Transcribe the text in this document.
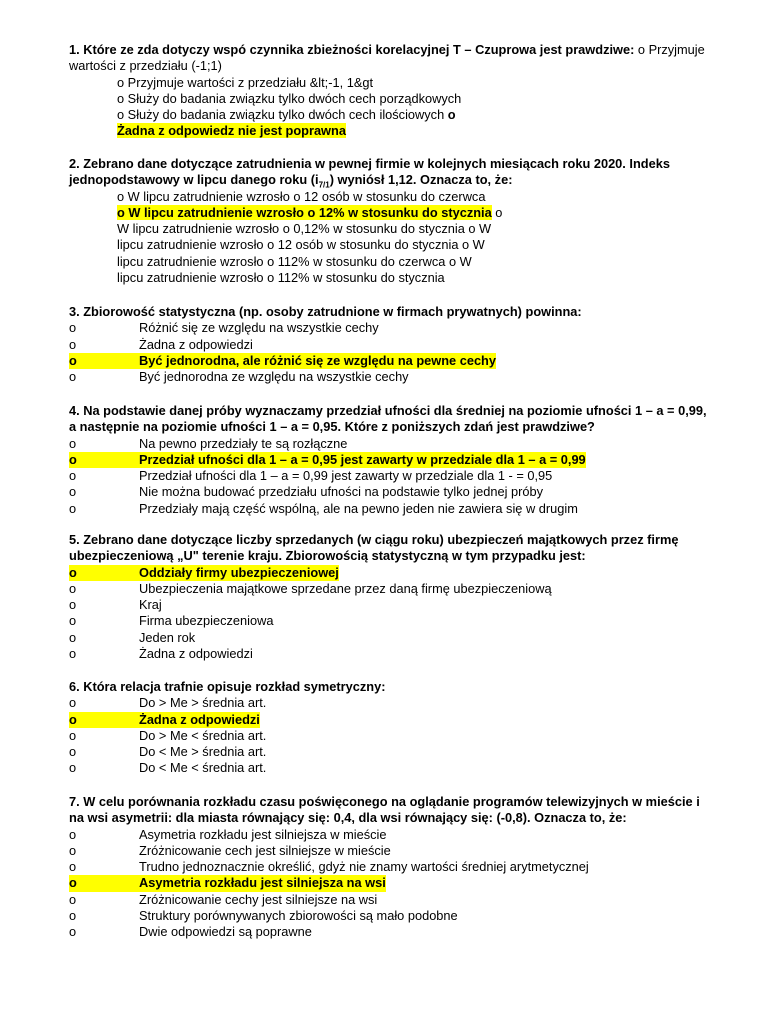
1. Które ze zda dotyczy wspó czynnika zbieżności korelacyjnej T – Czuprowa jest prawdziwe: o Przyjmuje
wartości z przedziału (-1;1)
o Przyjmuje wartości z przedziału &lt;-1, 1&gt
o Służy do badania związku tylko dwóch cech porządkowych
o Służy do badania związku tylko dwóch cech ilościowych o
Żadna z odpowiedz nie jest poprawna
2. Zebrano dane dotyczące zatrudnienia w pewnej firmie w kolejnych miesiącach roku 2020. Indeks
jednopodstawowy w lipcu danego roku $(i_{7/1})$ wyniósł 1,12. Oznacza to, że:
o W lipcu zatrudnienie wzrosło o 12 osób w stosunku do czerwca
o W lipcu zatrudnienie wzrosło o 12% w stosunku do stycznia o
W lipcu zatrudnienie wzrosło o 0,12% w stosunku do stycznia o W
lipcu zatrudnienie wzrosło o 12 osób w stosunku do stycznia o W
lipcu zatrudnienie wzrosło o 112% w stosunku do czerwca o W
lipcu zatrudnienie wzrosło o 112% w stosunku do stycznia
3. Zbiorowość statystyczna (np. osoby zatrudnione w firmach prywatnych) powinna:
o	Różnić się ze względu na wszystkie cechy
o	Żadna z odpowiedzi
o	Być jednorodna, ale różnić się ze względu na pewne cechy
o	Być jednorodna ze względu na wszystkie cechy
4. Na podstawie danej próby wyznaczamy przedział ufności dla średniej na poziomie ufności 1 – a = 0,99,
a następnie na poziomie ufności 1 – a = 0,95. Które z poniższych zdań jest prawdziwe?
o	Na pewno przedziały te są rozłączne
o	Przedział ufności dla 1 – a = 0,95 jest zawarty w przedziale dla 1 – a = 0,99
o	Przedział ufności dla 1 – a = 0,99 jest zawarty w przedziale dla 1 - = 0,95
o	Nie można budować przedziału ufności na podstawie tylko jednej próby
o	Przedziały mają część wspólną, ale na pewno jeden nie zawiera się w drugim
5. Zebrano dane dotyczące liczby sprzedanych (w ciągu roku) ubezpieczeń majątkowych przez firmę
ubezpieczeniową „U" terenie kraju. Zbiorowością statystyczną w tym przypadku jest:
o	Oddziały firmy ubezpieczeniowej
o	Ubezpieczenia majątkowe sprzedane przez daną firmę ubezpieczeniową
o	Kraj
o	Firma ubezpieczeniowa
o	Jeden rok
o	Żadna z odpowiedzi
6. Która relacja trafnie opisuje rozkład symetryczny:
o	Do > Me > średnia art.
o	Żadna z odpowiedzi
o	Do > Me < średnia art.
o	Do < Me > średnia art.
o	Do < Me < średnia art.
7. W celu porównania rozkładu czasu poświęconego na oglądanie programów telewizyjnych w mieście i
na wsi asymetrii: dla miasta równający się: 0,4, dla wsi równający się: (-0,8). Oznacza to, że:
o	Asymetria rozkładu jest silniejsza w mieście
o	Zróżnicowanie cech jest silniejsze w mieście
o	Trudno jednoznacznie określić, gdyż nie znamy wartości średniej arytmetycznej
o	Asymetria rozkładu jest silniejsza na wsi
o	Zróżnicowanie cechy jest silniejsze na wsi
o	Struktury porównywanych zbiorowości są mało podobne
o	Dwie odpowiedzi są poprawne
